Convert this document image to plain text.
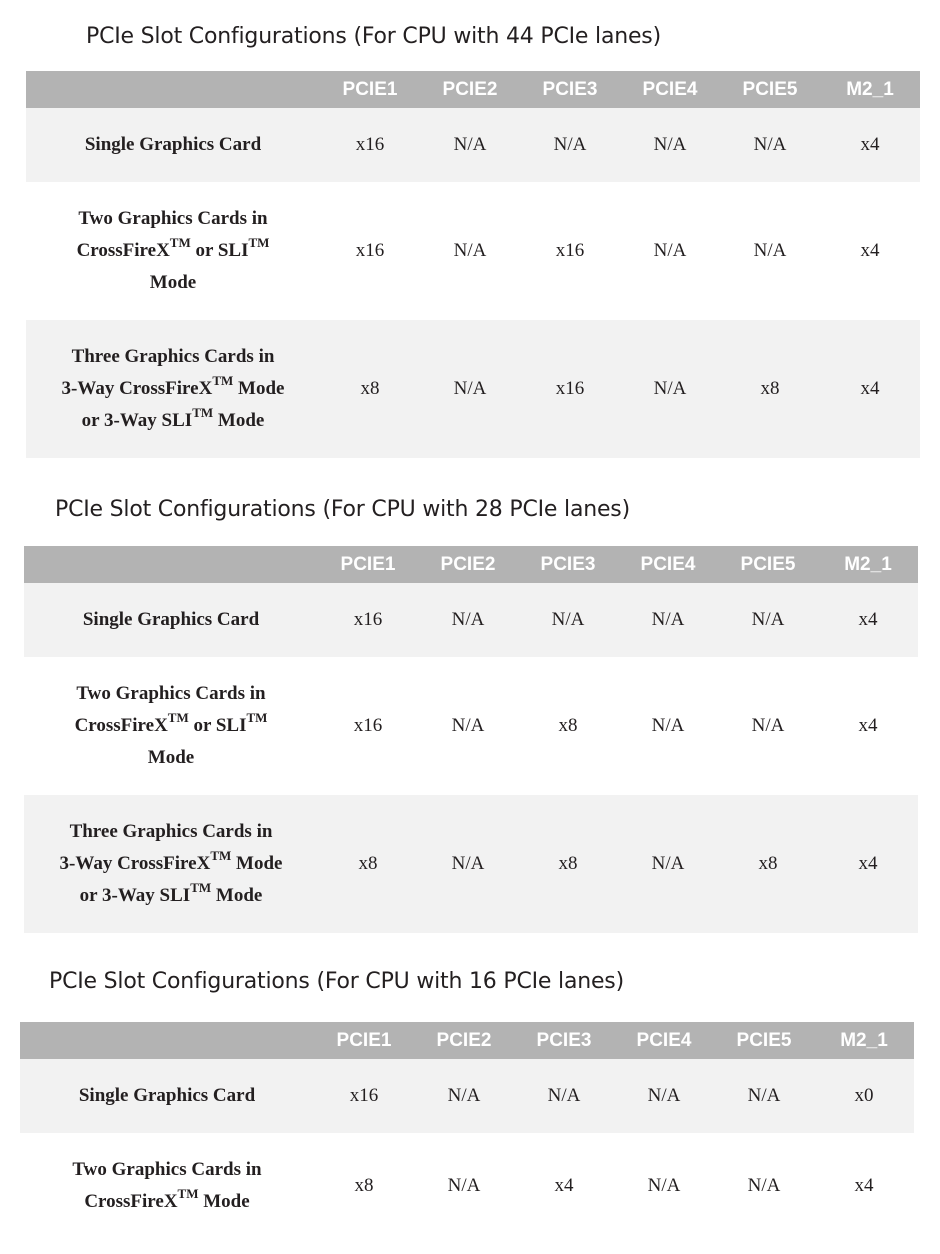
PCIe Slot Configurations (For CPU with 44 PCIe lanes)
	PCIE1	PCIE2	PCIE3	PCIE4	PCIE5	M2_1

Single Graphics Card	x16	N/A	N/A	N/A	N/A	x4

Two Graphics Cards in
CrossFireX™ or SLI™
Mode	x16	N/A	x16	N/A	N/A	x4

Three Graphics Cards in
3-Way CrossFireX™ Mode
or 3-Way SLI™ Mode	x8	N/A	x16	N/A	x8	x4
PCIe Slot Configurations (For CPU with 28 PCIe lanes)
	PCIE1	PCIE2	PCIE3	PCIE4	PCIE5	M2_1

Single Graphics Card	x16	N/A	N/A	N/A	N/A	x4

Two Graphics Cards in
CrossFireX™ or SLI™
Mode	x16	N/A	x8	N/A	N/A	x4

Three Graphics Cards in
3-Way CrossFireX™ Mode
or 3-Way SLI™ Mode	x8	N/A	x8	N/A	x8	x4
PCIe Slot Configurations (For CPU with 16 PCIe lanes)
	PCIE1	PCIE2	PCIE3	PCIE4	PCIE5	M2_1

Single Graphics Card	x16	N/A	N/A	N/A	N/A	x0

Two Graphics Cards in
CrossFireX™ Mode	x8	N/A	x4	N/A	N/A	x4
